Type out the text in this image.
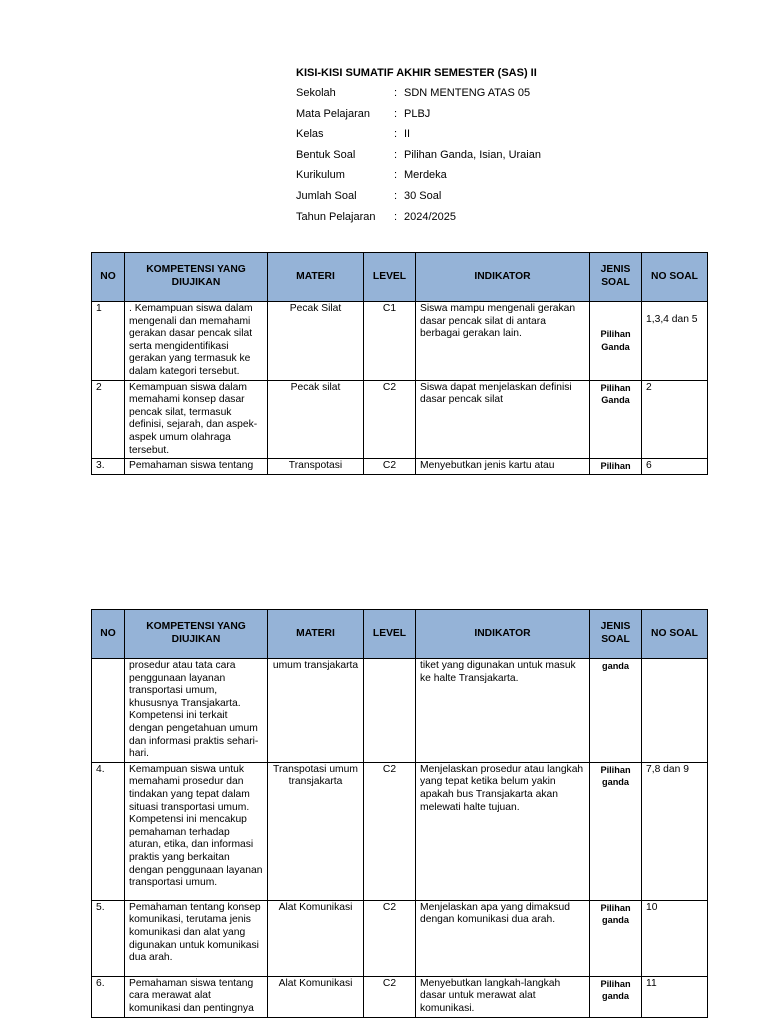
KISI-KISI SUMATIF AKHIR SEMESTER (SAS) II
Sekolah	: SDN MENTENG ATAS 05
Mata Pelajaran	: PLBJ
Kelas	: II
Bentuk Soal	: Pilihan Ganda, Isian, Uraian
Kurikulum	: Merdeka
Jumlah Soal	: 30 Soal
Tahun Pelajaran	: 2024/2025
NO	KOMPETENSI YANG DIUJIKAN	MATERI	LEVEL	INDIKATOR	JENIS SOAL	NO SOAL
1	. Kemampuan siswa dalam mengenali dan memahami gerakan dasar pencak silat serta mengidentifikasi gerakan yang termasuk ke dalam kategori tersebut.	Pecak Silat	C1	Siswa mampu mengenali gerakan dasar pencak silat di antara berbagai gerakan lain.	Pilihan Ganda	1,3,4 dan 5
2	Kemampuan siswa dalam memahami konsep dasar pencak silat, termasuk definisi, sejarah, dan aspek-aspek umum olahraga tersebut.	Pecak silat	C2	Siswa dapat menjelaskan definisi dasar pencak silat	Pilihan Ganda	2
3.	Pemahaman siswa tentang	Transpotasi	C2	Menyebutkan jenis kartu atau	Pilihan	6
NO	KOMPETENSI YANG DIUJIKAN	MATERI	LEVEL	INDIKATOR	JENIS SOAL	NO SOAL
	prosedur atau tata cara penggunaan layanan transportasi umum, khususnya Transjakarta. Kompetensi ini terkait dengan pengetahuan umum dan informasi praktis sehari-hari.	umum transjakarta		tiket yang digunakan untuk masuk ke halte Transjakarta.	ganda	
4.	Kemampuan siswa untuk memahami prosedur dan tindakan yang tepat dalam situasi transportasi umum. Kompetensi ini mencakup pemahaman terhadap aturan, etika, dan informasi praktis yang berkaitan dengan penggunaan layanan transportasi umum.	Transpotasi umum transjakarta	C2	Menjelaskan prosedur atau langkah yang tepat ketika belum yakin apakah bus Transjakarta akan melewati halte tujuan.	Pilihan ganda	7,8 dan 9
5.	Pemahaman tentang konsep komunikasi, terutama jenis komunikasi dan alat yang digunakan untuk komunikasi dua arah.	Alat Komunikasi	C2	Menjelaskan apa yang dimaksud dengan komunikasi dua arah.	Pilihan ganda	10
6.	Pemahaman siswa tentang cara merawat alat komunikasi dan pentingnya	Alat Komunikasi	C2	Menyebutkan langkah-langkah dasar untuk merawat alat komunikasi.	Pilihan ganda	11
